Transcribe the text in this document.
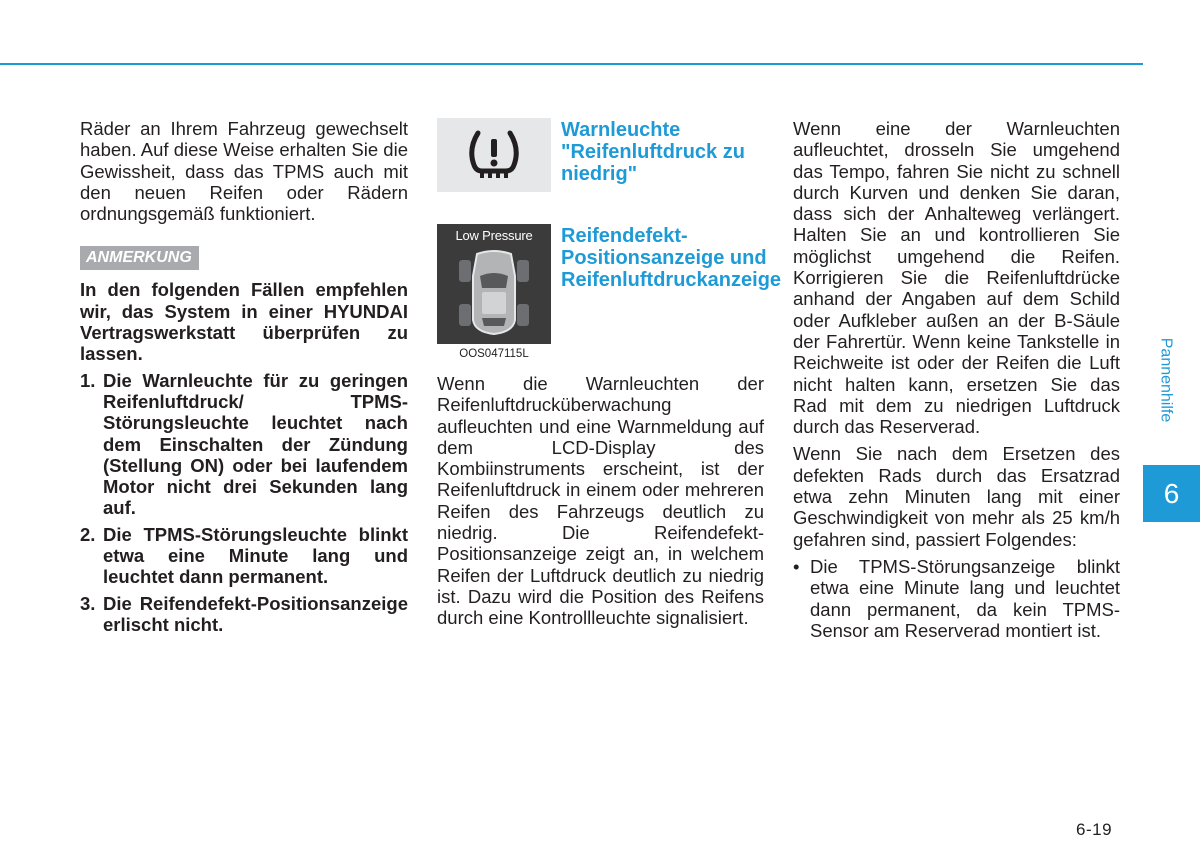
Räder an Ihrem Fahrzeug gewechselt haben. Auf diese Weise erhalten Sie die Gewissheit, dass das TPMS auch mit den neuen Reifen oder Rädern ordnungsgemäß funktioniert.

ANMERKUNG

In den folgenden Fällen empfehlen wir, das System in einer HYUNDAI Vertragswerkstatt überprüfen zu lassen.

1. Die Warnleuchte für zu geringen Reifenluftdruck/ TPMS-Störungsleuchte leuchtet nach dem Einschalten der Zündung (Stellung ON) oder bei laufendem Motor nicht drei Sekunden lang auf.
2. Die TPMS-Störungsleuchte blinkt etwa eine Minute lang und leuchtet dann permanent.
3. Die Reifendefekt-Positionsanzeige erlischt nicht.
Warnleuchte "Reifenluftdruck zu niedrig"
Low Pressure
OOS047115L
Reifendefekt-Positionsanzeige und Reifenluftdruckanzeige

Wenn die Warnleuchten der Reifenluftdrucküberwachung aufleuchten und eine Warnmeldung auf dem LCD-Display des Kombiinstruments erscheint, ist der Reifenluftdruck in einem oder mehreren Reifen des Fahrzeugs deutlich zu niedrig. Die Reifendefekt-Positionsanzeige zeigt an, in welchem Reifen der Luftdruck deutlich zu niedrig ist. Dazu wird die Position des Reifens durch eine Kontrollleuchte signalisiert.

Wenn eine der Warnleuchten aufleuchtet, drosseln Sie umgehend das Tempo, fahren Sie nicht zu schnell durch Kurven und denken Sie daran, dass sich der Anhalteweg verlängert. Halten Sie an und kontrollieren Sie möglichst umgehend die Reifen. Korrigieren Sie die Reifenluftdrücke anhand der Angaben auf dem Schild oder Aufkleber außen an der B-Säule der Fahrertür. Wenn keine Tankstelle in Reichweite ist oder der Reifen die Luft nicht halten kann, ersetzen Sie das Rad mit dem zu niedrigen Luftdruck durch das Reserverad.

Wenn Sie nach dem Ersetzen des defekten Rads durch das Ersatzrad etwa zehn Minuten lang mit einer Geschwindigkeit von mehr als 25 km/h gefahren sind, passiert Folgendes:

• Die TPMS-Störungsanzeige blinkt etwa eine Minute lang und leuchtet dann permanent, da kein TPMS-Sensor am Reserverad montiert ist.
Pannenhilfe
6
6-19
